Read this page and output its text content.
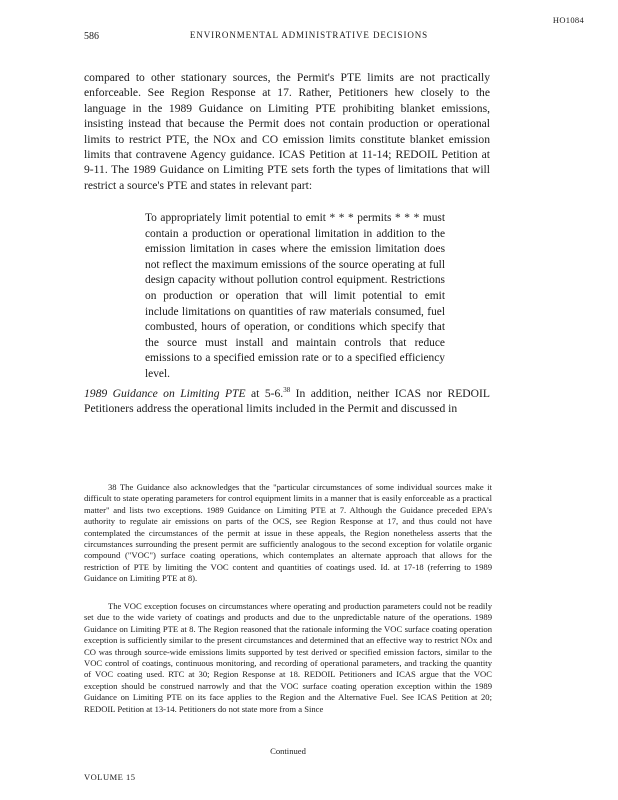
HO1084
586	ENVIRONMENTAL ADMINISTRATIVE DECISIONS

compared to other stationary sources, the Permit's PTE limits are not practically enforceable. See Region Response at 17. Rather, Petitioners hew closely to the language in the 1989 Guidance on Limiting PTE prohibiting blanket emissions, insisting instead that because the Permit does not contain production or operational limits to restrict PTE, the NOx and CO emission limits constitute blanket emission limits that contravene Agency guidance. ICAS Petition at 11-14; REDOIL Petition at 9-11. The 1989 Guidance on Limiting PTE sets forth the types of limitations that will restrict a source's PTE and states in relevant part:

To appropriately limit potential to emit * * * permits * * * must contain a production or operational limitation in addition to the emission limitation in cases where the emission limitation does not reflect the maximum emissions of the source operating at full design capacity without pollution control equipment. Restrictions on production or operation that will limit potential to emit include limitations on quantities of raw materials consumed, fuel combusted, hours of operation, or conditions which specify that the source must install and maintain controls that reduce emissions to a specified emission rate or to a specified efficiency level.

1989 Guidance on Limiting PTE at 5-6.38 In addition, neither ICAS nor REDOIL Petitioners address the operational limits included in the Permit and discussed in

38 The Guidance also acknowledges that the "particular circumstances of some individual sources make it difficult to state operating parameters for control equipment limits in a manner that is easily enforceable as a practical matter" and lists two exceptions. 1989 Guidance on Limiting PTE at 7. Although the Guidance preceded EPA's authority to regulate air emissions on parts of the OCS, see Region Response at 17, and thus could not have contemplated the circumstances of the permit at issue in these appeals, the Region nonetheless asserts that the circumstances surrounding the present permit are sufficiently analogous to the second exception for volatile organic compound ("VOC") surface coating operations, which contemplates an alternate approach that allows for the restriction of PTE by limiting the VOC content and quantities of coatings used. Id. at 17-18 (referring to 1989 Guidance on Limiting PTE at 8).

The VOC exception focuses on circumstances where operating and production parameters could not be readily set due to the wide variety of coatings and products and due to the unpredictable nature of the operations. 1989 Guidance on Limiting PTE at 8. The Region reasoned that the rationale informing the VOC surface coating operation exception is sufficiently similar to the present circumstances and determined that an effective way to restrict NOx and CO was through source-wide emissions limits supported by test derived or specified emission factors, similar to the VOC control of coatings, continuous monitoring, and recording of operational parameters, and tracking the quantity of VOC coating used. RTC at 30; Region Response at 18. REDOIL Petitioners and ICAS argue that the VOC exception should be construed narrowly and that the VOC surface coating operation exception within the 1989 Guidance on Limiting PTE on its face applies to the Region and the Alternative Fuel. See ICAS Petition at 20; REDOIL Petition at 13-14. Petitioners do not state more from a Since

Continued
VOLUME 15
